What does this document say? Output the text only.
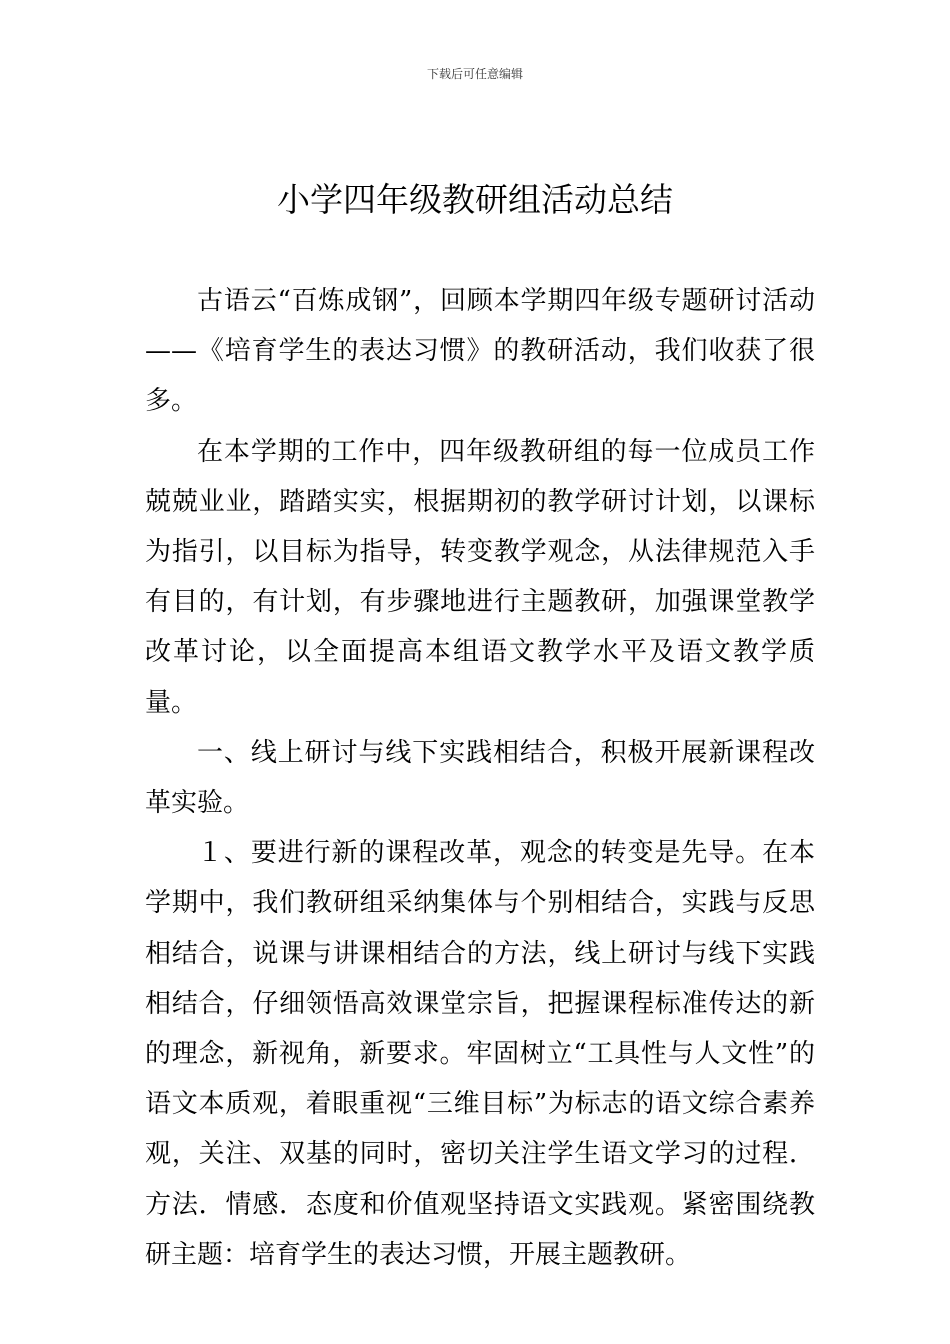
下载后可任意编辑
小学四年级教研组活动总结

古语云“百炼成钢”，回顾本学期四年级专题研讨活动——《培育学生的表达习惯》的教研活动，我们收获了很多。

在本学期的工作中，四年级教研组的每一位成员工作兢兢业业，踏踏实实，根据期初的教学研讨计划，以课标为指引，以目标为指导，转变教学观念，从法律规范入手有目的，有计划，有步骤地进行主题教研，加强课堂教学改革讨论，以全面提高本组语文教学水平及语文教学质量。

一、线上研讨与线下实践相结合，积极开展新课程改革实验。

１、要进行新的课程改革，观念的转变是先导。在本学期中，我们教研组采纳集体与个别相结合，实践与反思相结合，说课与讲课相结合的方法，线上研讨与线下实践相结合，仔细领悟高效课堂宗旨，把握课程标准传达的新的理念，新视角，新要求。牢固树立“工具性与人文性”的语文本质观，着眼重视“三维目标”为标志的语文综合素养观，关注、双基的同时，密切关注学生语文学习的过程．方法．情感．态度和价值观坚持语文实践观。紧密围绕教研主题：培育学生的表达习惯，开展主题教研。
